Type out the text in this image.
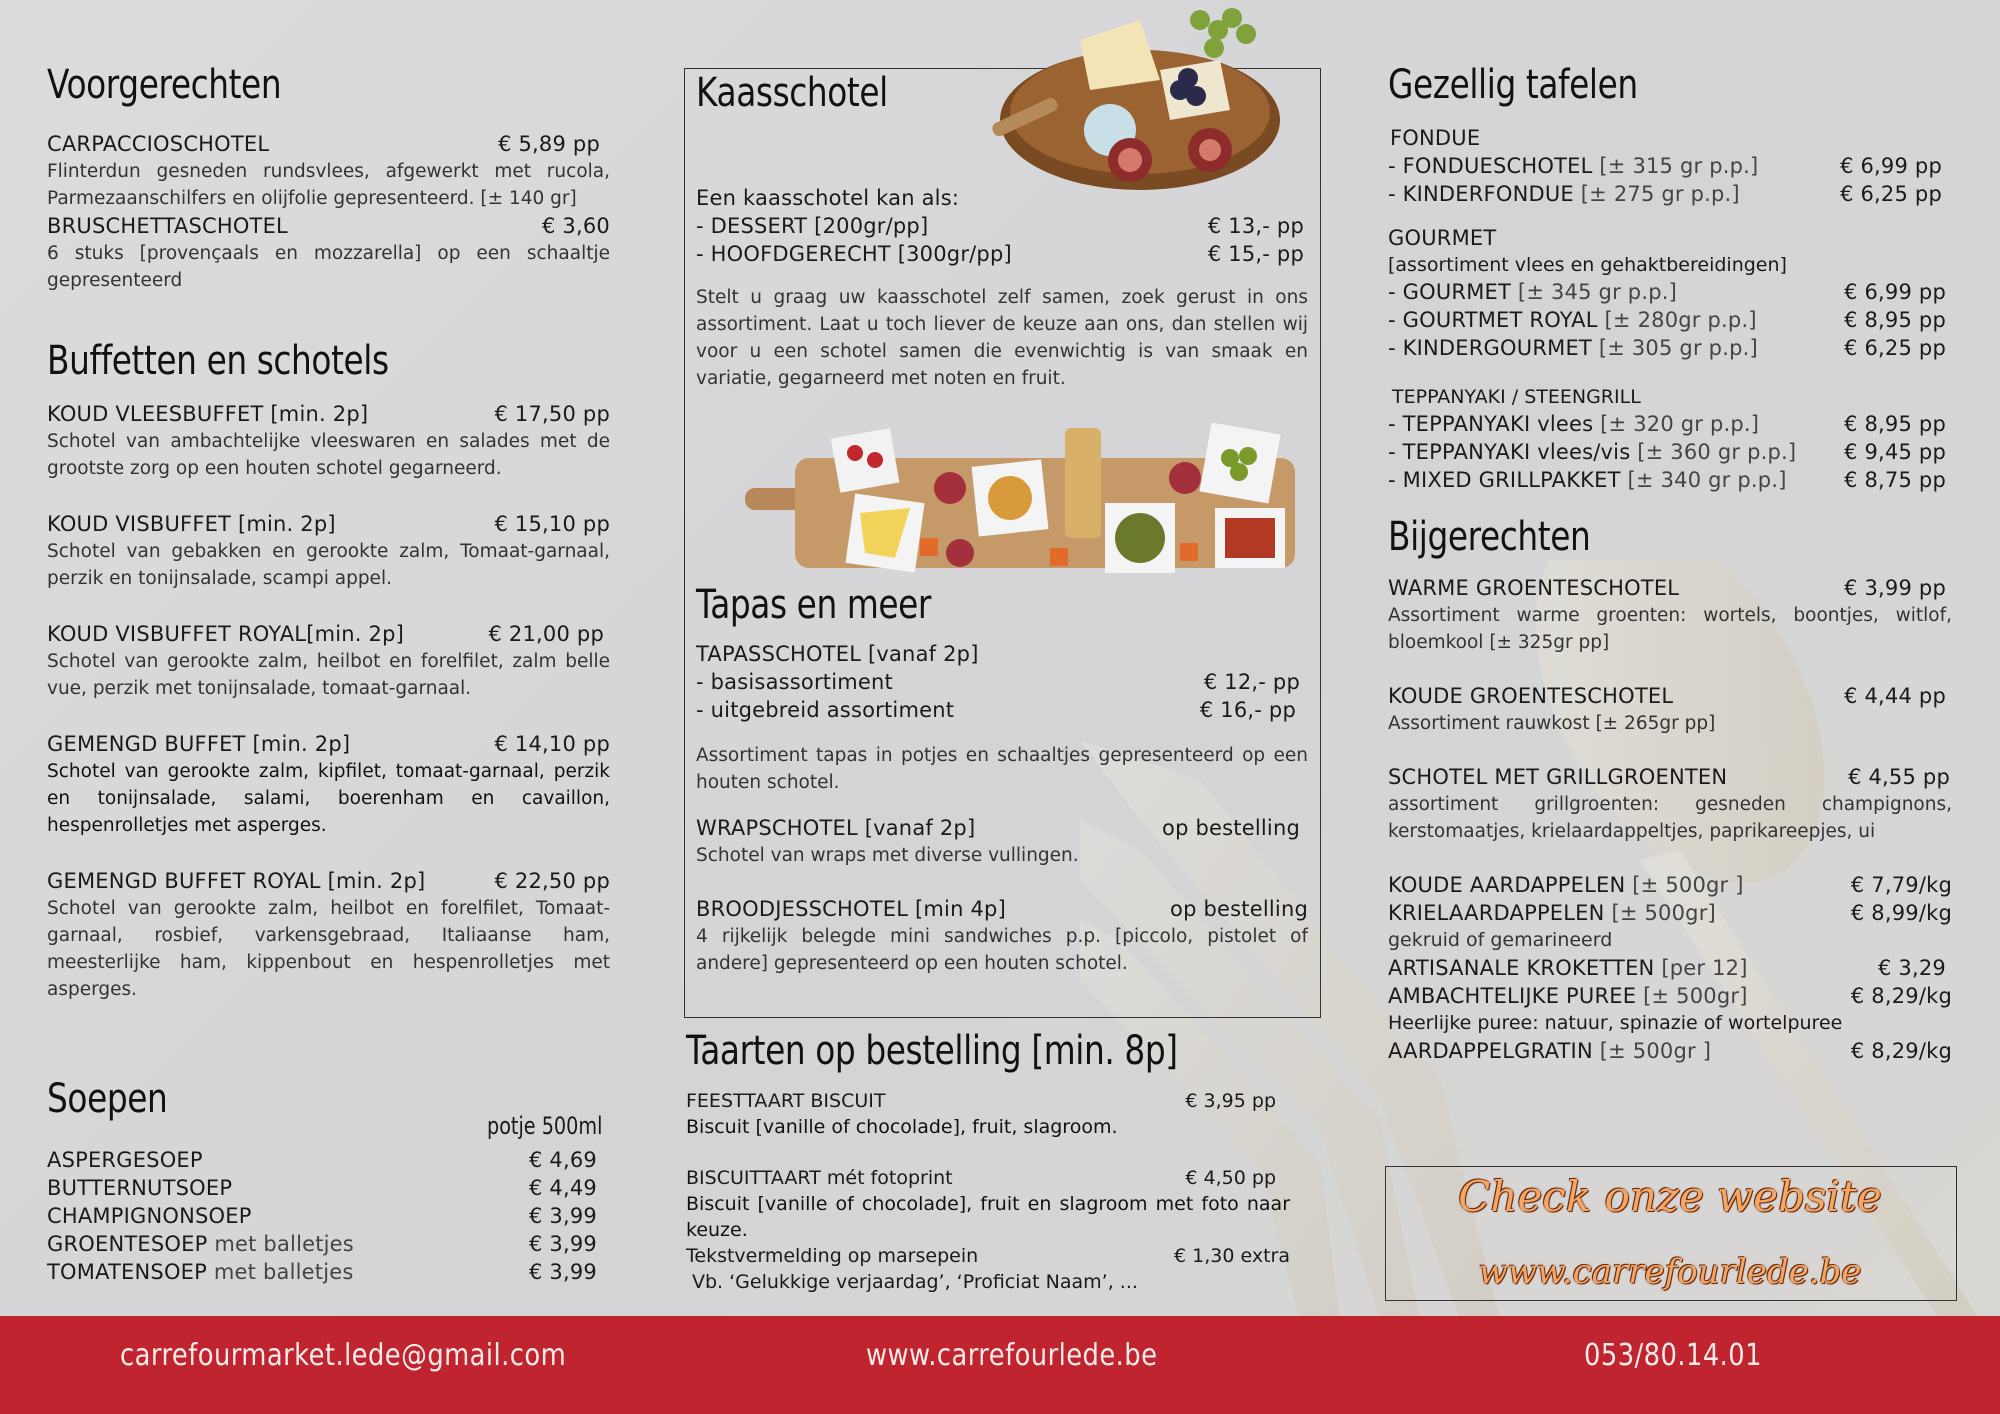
Voorgerechten
CARPACCIOSCHOTEL	€ 5,89 pp
Flinterdun gesneden rundsvlees, afgewerkt met rucola, Parmezaanschilfers en olijfolie gepresenteerd. [± 140 gr]
BRUSCHETTASCHOTEL	€ 3,60
6 stuks [provençaals en mozzarella] op een schaaltje gepresenteerd
Buffetten en schotels
KOUD VLEESBUFFET [min. 2p]	€ 17,50 pp
Schotel van ambachtelijke vleeswaren en salades met de grootste zorg op een houten schotel gegarneerd.
KOUD VISBUFFET [min. 2p]	€ 15,10 pp
Schotel van gebakken en gerookte zalm, Tomaat-garnaal, perzik en tonijnsalade, scampi appel.
KOUD VISBUFFET ROYAL[min. 2p]	€ 21,00 pp
Schotel van gerookte zalm, heilbot en forelfilet, zalm belle vue, perzik met tonijnsalade, tomaat-garnaal.
GEMENGD BUFFET [min. 2p]	€ 14,10 pp
Schotel van gerookte zalm, kipfilet, tomaat-garnaal, perzik en tonijnsalade, salami, boerenham en cavaillon, hespenrolletjes met asperges.
GEMENGD BUFFET ROYAL [min. 2p]	€ 22,50 pp
Schotel van gerookte zalm, heilbot en forelfilet, Tomaat-garnaal, rosbief, varkensgebraad, Italiaanse ham, meesterlijke ham, kippenbout en hespenrolletjes met asperges.
Soepen
potje 500ml
ASPERGESOEP	€ 4,69
BUTTERNUTSOEP	€ 4,49
CHAMPIGNONSOEP	€ 3,99
GROENTESOEP met balletjes	€ 3,99
TOMATENSOEP met balletjes	€ 3,99
Kaasschotel
Een kaasschotel kan als:
- DESSERT [200gr/pp]	€ 13,- pp
- HOOFDGERECHT [300gr/pp]	€ 15,- pp
Stelt u graag uw kaasschotel zelf samen, zoek gerust in ons assortiment. Laat u toch liever de keuze aan ons, dan stellen wij voor u een schotel samen die evenwichtig is van smaak en variatie, gegarneerd met noten en fruit.
Tapas en meer
TAPASSCHOTEL [vanaf 2p]
- basisassortiment	€ 12,- pp
- uitgebreid assortiment	€ 16,- pp
Assortiment tapas in potjes en schaaltjes gepresenteerd op een houten schotel.
WRAPSCHOTEL [vanaf 2p]	op bestelling
Schotel van wraps met diverse vullingen.
BROODJESSCHOTEL [min 4p]	op bestelling
4 rijkelijk belegde mini sandwiches p.p. [piccolo, pistolet of andere] gepresenteerd op een houten schotel.
Taarten op bestelling [min. 8p]
FEESTTAART BISCUIT	€ 3,95 pp
Biscuit [vanille of chocolade], fruit, slagroom.
BISCUITTAART mét fotoprint	€ 4,50 pp
Biscuit [vanille of chocolade], fruit en slagroom met foto naar keuze.
Tekstvermelding op marsepein	€ 1,30 extra
Vb. ‘Gelukkige verjaardag’, ‘Proficiat Naam’, ...
Gezellig tafelen
FONDUE
- FONDUESCHOTEL [± 315 gr p.p.]	€ 6,99 pp
- KINDERFONDUE [± 275 gr p.p.]	€ 6,25 pp
GOURMET
[assortiment vlees en gehaktbereidingen]
- GOURMET [± 345 gr p.p.]	€ 6,99 pp
- GOURTMET ROYAL [± 280gr p.p.]	€ 8,95 pp
- KINDERGOURMET [± 305 gr p.p.]	€ 6,25 pp
TEPPANYAKI / STEENGRILL
- TEPPANYAKI vlees [± 320 gr p.p.]	€ 8,95 pp
- TEPPANYAKI vlees/vis [± 360 gr p.p.] € 9,45 pp
- MIXED GRILLPAKKET [± 340 gr p.p.]	€ 8,75 pp
Bijgerechten
WARME GROENTESCHOTEL	€ 3,99 pp
Assortiment warme groenten: wortels, boontjes, witlof, bloemkool [± 325gr pp]
KOUDE GROENTESCHOTEL	€ 4,44 pp
Assortiment rauwkost [± 265gr pp]
SCHOTEL MET GRILLGROENTEN	€ 4,55 pp
assortiment grillgroenten: gesneden champignons, kerstomaatjes, krielaardappeltjes, paprikareepjes, ui
KOUDE AARDAPPELEN [± 500gr ]	€ 7,79/kg
KRIELAARDAPPELEN [± 500gr]	€ 8,99/kg
gekruid of gemarineerd
ARTISANALE KROKETTEN [per 12]	€ 3,29
AMBACHTELIJKE PUREE [± 500gr]	€ 8,29/kg
Heerlijke puree: natuur, spinazie of wortelpuree
AARDAPPELGRATIN [± 500gr ]	€ 8,29/kg
Check onze website
www.carrefourlede.be
carrefourmarket.lede@gmail.com	www.carrefourlede.be	053/80.14.01
